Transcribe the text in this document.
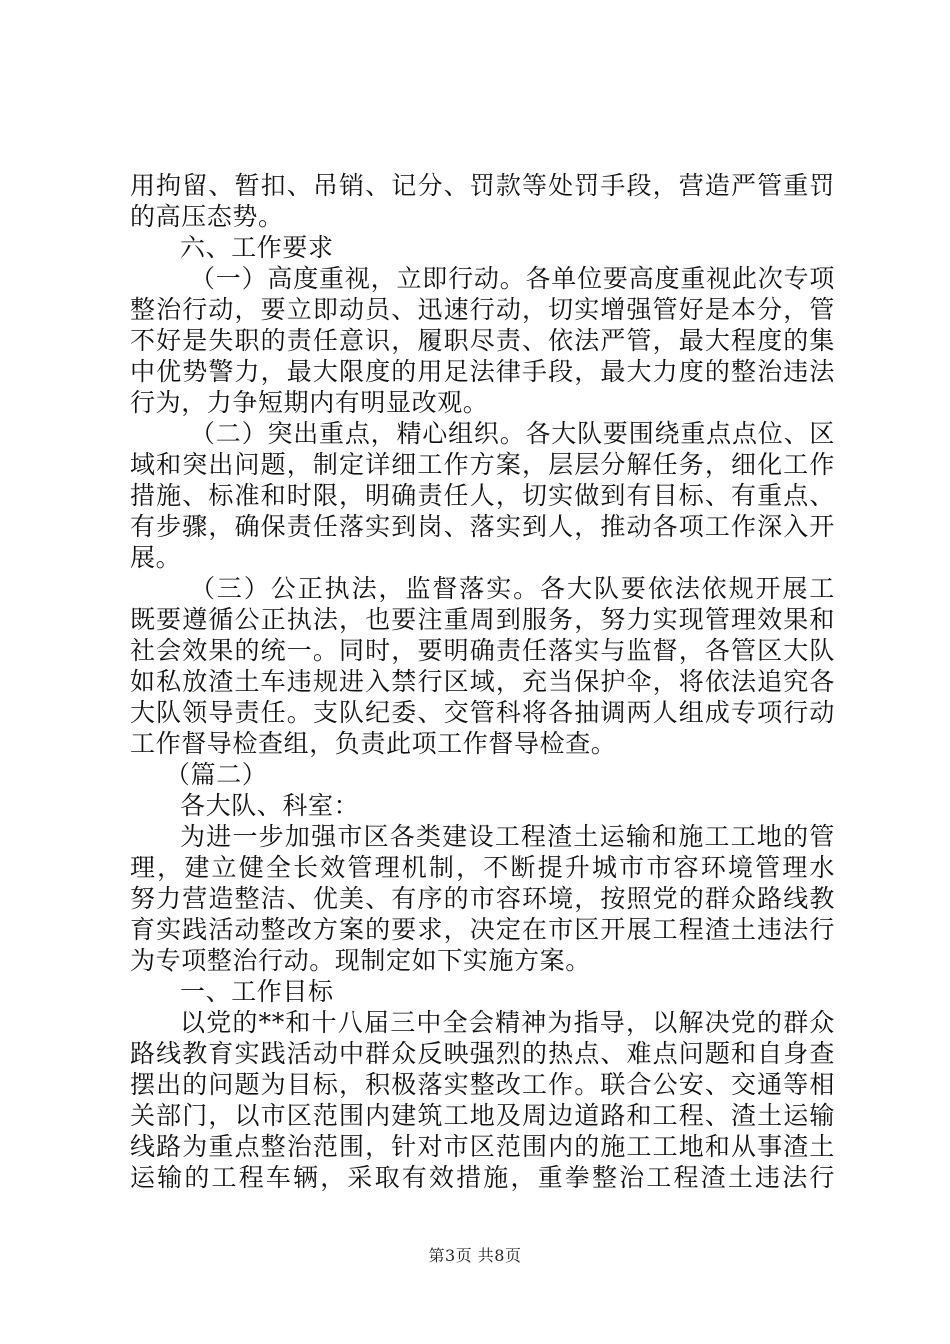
用拘留、暂扣、吊销、记分、罚款等处罚手段，营造严管重罚
的高压态势。
六、工作要求
（一）高度重视，立即行动。各单位要高度重视此次专项
整治行动，要立即动员、迅速行动，切实增强管好是本分，管
不好是失职的责任意识，履职尽责、依法严管，最大程度的集
中优势警力，最大限度的用足法律手段，最大力度的整治违法
行为，力争短期内有明显改观。
（二）突出重点，精心组织。各大队要围绕重点点位、区
域和突出问题，制定详细工作方案，层层分解任务，细化工作
措施、标准和时限，明确责任人，切实做到有目标、有重点、
有步骤，确保责任落实到岗、落实到人，推动各项工作深入开
展。
（三）公正执法，监督落实。各大队要依法依规开展工
既要遵循公正执法，也要注重周到服务，努力实现管理效果和
社会效果的统一。同时，要明确责任落实与监督，各管区大队
如私放渣土车违规进入禁行区域，充当保护伞，将依法追究各
大队领导责任。支队纪委、交管科将各抽调两人组成专项行动
工作督导检查组，负责此项工作督导检查。
（篇二）
各大队、科室：
为进一步加强市区各类建设工程渣土运输和施工工地的管
理，建立健全长效管理机制，不断提升城市市容环境管理水
努力营造整洁、优美、有序的市容环境，按照党的群众路线教
育实践活动整改方案的要求，决定在市区开展工程渣土违法行
为专项整治行动。现制定如下实施方案。
一、工作目标
以党的**和十八届三中全会精神为指导，以解决党的群众
路线教育实践活动中群众反映强烈的热点、难点问题和自身查
摆出的问题为目标，积极落实整改工作。联合公安、交通等相
关部门，以市区范围内建筑工地及周边道路和工程、渣土运输
线路为重点整治范围，针对市区范围内的施工工地和从事渣土
运输的工程车辆，采取有效措施，重拳整治工程渣土违法行
第3页 共8页
